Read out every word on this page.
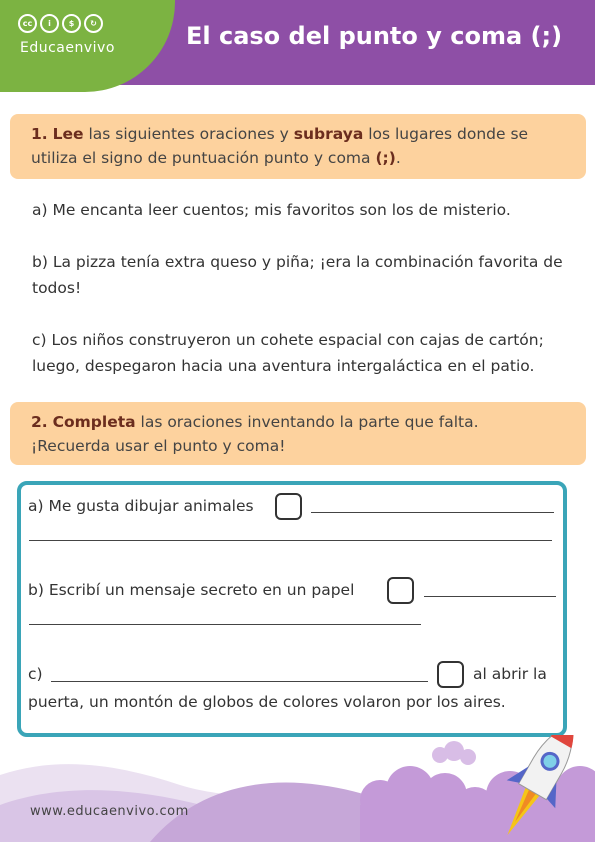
cc	i	$	↻
Educaenvivo	El caso del punto y coma (;)

1. Lee las siguientes oraciones y subraya los lugares donde se utiliza el signo de puntuación punto y coma (;).

a) Me encanta leer cuentos; mis favoritos son los de misterio.

b) La pizza tenía extra queso y piña; ¡era la combinación favorita de todos!

c) Los niños construyeron un cohete espacial con cajas de cartón; luego, despegaron hacia una aventura intergaláctica en el patio.

2. Completa las oraciones inventando la parte que falta.
¡Recuerda usar el punto y coma!

a) Me gusta dibujar animales
b) Escribí un mensaje secreto en un papel
c)	al abrir la
puerta, un montón de globos de colores volaron por los aires.
www.educaenvivo.com
